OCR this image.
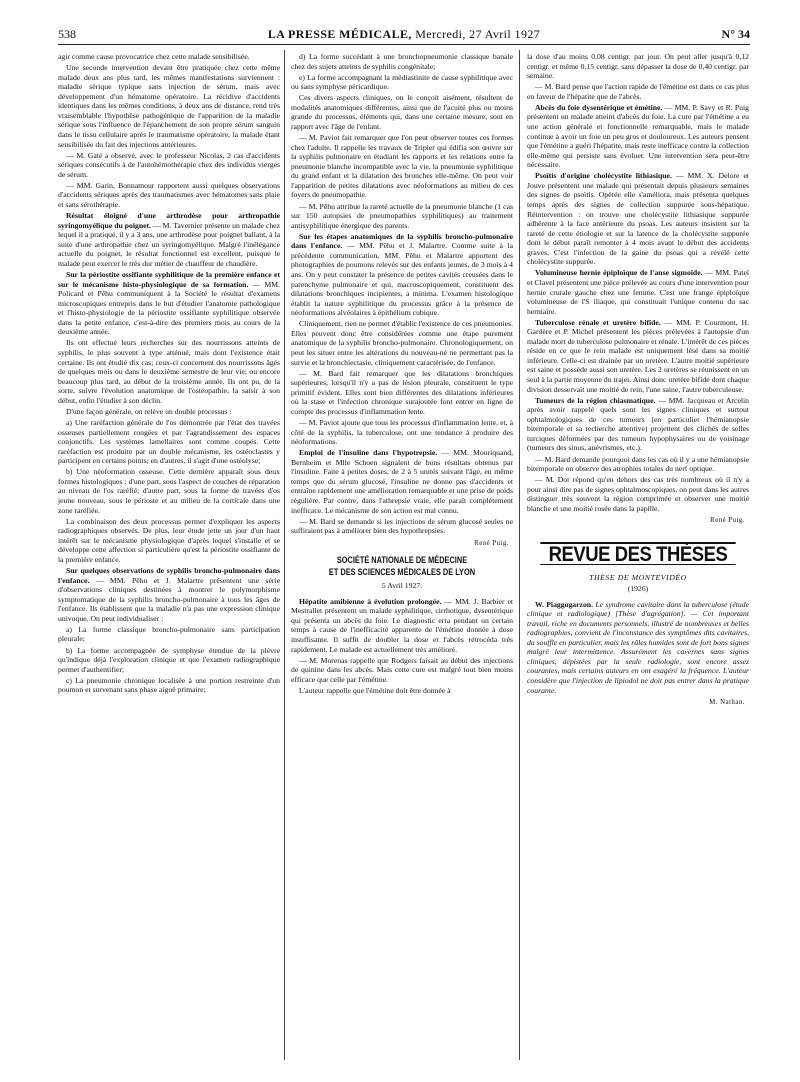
538	LA PRESSE MÉDICALE, Mercredi, 27 Avril 1927	N° 34

agir comme cause provocatrice chez cette malade sensibilisée.

Une seconde intervention devant être pratiquée chez cette même malade deux ans plus tard, les mêmes manifestations surviennent : maladie sérique typique sans injection de sérum, mais avec développement d'un hématome opératoire. La récidive d'accidents identiques dans les mêmes conditions, à deux ans de distance, rend très vraisemblable l'hypothèse pathogénique de l'apparition de la maladie sérique sous l'influence de l'épanchement de son propre sérum sanguin dans le tissu cellulaire après le traumatisme opératoire, la malade étant sensibilisée du fait des injections antérieures.

— M. Gaté a observé, avec le professeur Nicolas, 2 cas d'accidents sériques consécutifs à de l'autohémothérapie chez des individus vierges de sérum.

— MM. Garin, Bonnamour rapportent aussi quelques observations d'accidents sériques après des traumatismes avec hématomes sans plaie et sans sérothérapie.

Résultat éloigné d'une arthrodèse pour arthropathie syringomyélique du poignet. — M. Tavernier présente un malade chez lequel il a pratiqué, il y a 3 ans, une arthrodèse pour poignet ballant, à la suite d'une arthropathie chez un syringomyélique. Malgré l'inélégance actuelle du poignet, le résultat fonctionnel est excellent, puisque le malade peut exercer le très dur métier de chauffeur de chaudière.

Sur la périostite ossifiante syphilitique de la première enfance et sur le mécanisme histo-physiologique de sa formation. — MM. Policard et Pêhu communiquent à la Société le résultat d'examens microscopiques entrepris dans le but d'étudier l'anatomie pathologique et l'histo-physiologie de la périostite ossifiante syphilitique observée dans la petite enfance, c'est-à-dire des premiers mois au cours de la deuxième année.

Ils ont effectué leurs recherches sur des nourrissons atteints de syphilis, le plus souvent à type atténué, mais dont l'existence était certaine. Ils ont étudié dix cas; ceux-ci concernent des nourrissons âgés de quelques mois ou dans le deuxième semestre de leur vie; ou encore beaucoup plus tard, au début de la troisième année. Ils ont pu, de la sorte, suivre l'évolution anatomique de l'ostéopathie, la saisir à son début, enfin l'étudier à son déclin.

D'une façon générale, on relève un double processus :

a) Une raréfaction générale de l'os démontrée par l'état des travées osseuses partiellement rongées et par l'agrandissement des espaces conjonctifs. Les systèmes lamellaires sont comme coupés. Cette raréfaction est produite par un double mécanisme, les ostéoclastes y participent en certains points; en d'autres, il s'agit d'une ostéolyse;

b) Une néoformation osseuse. Cette dernière apparaît sous deux formes histologiques : d'une part, sous l'aspect de couches de réparation au niveau de l'os raréfié; d'autre part, sous la forme de travées d'os jeune nouveau, sous le périoste et au milieu de la corticale dans une zone raréfiée.

La combinaison des deux processus permet d'expliquer les aspects radiographiques observés. De plus, leur étude jette un jour d'un haut intérêt sur le mécanisme physiologique d'après lequel s'installe et se développe cette affection si particulière qu'est la périostite ossifiante de la première enfance.

Sur quelques observations de syphilis broncho-pulmonaire dans l'enfance. — MM. Pêhu et J. Malartre présentent une série d'observations cliniques destinées à montrer le polymorphisme symptomatique de la syphilis broncho-pulmonaire à tous les âges de l'enfance. Ils établissent que la maladie n'a pas une expression clinique univoque. On peut individualiser :

a) La forme classique broncho-pulmonaire sans participation pleurale;

b) La forme accompagnée de symphyse étendue de la plèvre qu'indique déjà l'exploration clinique et que l'examen radiographique permet d'authentifier;

c) La pneumonie chronique localisée à une portion restreinte d'un poumon et survenant sans phase aiguë primaire;

d) La forme succédant à une bronchopneumonie classique banale chez des sujets atteints de syphilis congénitale;

e) La forme accompagnant la médiastinite de cause syphilitique avec ou sans symphyse péricardique.

Ces divers aspects cliniques, on le conçoit aisément, résultent de modalités anatomiques différentes, ainsi que de l'acuité plus ou moins grande du processus, éléments qui, dans une certaine mesure, sont en rapport avec l'âge de l'enfant.

— M. Paviot fait remarquer que l'on peut observer toutes ces formes chez l'adulte. Il rappelle les travaux de Tripier qui édifia son œuvre sur la syphilis pulmonaire en étudiant les rapports et les relations entre la pneumonie blanche incompatible avec la vie, la pneumonie syphilitique du grand enfant et la dilatation des bronches elle-même. On peut voir l'apparition de petites dilatations avec néoformations au milieu de ces foyers de pneumopathie.

— M. Pêhu attribue la rareté actuelle de la pneumonie blanche (1 cas sur 150 autopsies de pneumopathies syphilitiques) au traitement antisyphilitique énergique des parents.

Sur les étapes anatomiques de la syphilis broncho-pulmonaire dans l'enfance. — MM. Pêhu et J. Malartre. Comme suite à la précédente communication, MM. Pêhu et Malartre apportent des photographies de poumons relevés sur des enfants jeunes, de 3 mois à 4 ans. On y peut constater la présence de petites cavités creusées dans le parenchyme pulmonaire et qui, macroscopiquement, constituent des dilatations bronchiques incipientes, a minima. L'examen histologique établit la nature syphilitique du processus grâce à la présence de néoformations alvéolaires à épithélium cubique.

Cliniquement, rien ne permet d'établir l'existence de ces pneumonies. Elles peuvent donc être considérées comme une étape purement anatomique de la syphilis broncho-pulmonaire. Chronologiquement, on peut les situer entre les altérations du nouveau-né ne permettant pas la survie et la bronchiectasie, cliniquement caractérisée, de l'enfance.

— M. Bard fait remarquer que les dilatations bronchiques supérieures, lorsqu'il n'y a pas de lésion pleurale, constituent le type primitif évident. Elles sont bien différentes des dilatations inférieures où la stase et l'infection chronique surajoutée font entrer en ligne de compte des processus d'inflammation lente.

— M. Paviot ajoute que tous les processus d'inflammation lente, et, à côté de la syphilis, la tuberculose, ont une tendance à produire des néoformations.

Emploi de l'insuline dans l'hypotrepsie. — MM. Mouriquand, Bernheim et Mlle Schoen signalent de bons résultats obtenus par l'insuline. Faite à petites doses, de 2 à 5 unités suivant l'âge, en même temps que du sérum glucosé, l'insuline ne donne pas d'accidents et entraîne rapidement une amélioration remarquable et une prise de poids régulière. Par contre, dans l'athrepsie vraie, elle paraît complètement inefficace. Le mécanisme de son action est mal connu.

— M. Bard se demande si les injections de sérum glucosé seules ne suffiraient pas à améliorer bien des hypothrepsies.

René Puig.
SOCIÉTÉ NATIONALE DE MÉDECINE
ET DES SCIENCES MÉDICALES DE LYON
5 Avril 1927.

Hépatite amibienne à évolution prolongée. — MM. J. Barbier et Mestrallet présentent un malade syphilitique, cirrhotique, dysentérique qui présenta un abcès du foie. Le diagnostic erra pendant un certain temps à cause de l'inefficacité apparente de l'émétine donnée à dose insuffisante. Il suffit de doubler la dose et l'abcès rétrocéda très rapidement. Le malade est actuellement très amélioré.

— M. Morenas rappelle que Rodgers faisait au début des injections de quinine dans les abcès. Mais cette cure est malgré tout bien moins efficace que celle par l'émétine.

L'auteur rappelle que l'émétine doit être donnée à

la dose d'au moins 0,08 centigr. par jour. On peut aller jusqu'à 0,12 centigr. et même 0,15 centigr. sans dépasser la dose de 0,40 centigr. par semaine.

— M. Bard pense que l'action rapide de l'émétine est dans ce cas plus en faveur de l'hépatite que de l'abcès.

Abcès du foie dysentérique et émétine. — MM. P. Savy et R. Puig présentent un malade atteint d'abcès du foie. La cure par l'émétine a eu une action générale et fonctionnelle remarquable, mais le malade continue à avoir un foie un peu gros et douloureux. Les auteurs pensent que l'émétine a guéri l'hépatite, mais reste inefficace contre la collection elle-même qui persiste sans évoluer. Une intervention sera peut-être nécessaire.

Psoïtis d'origine cholécystite lithiasique. — MM. X. Delore et Jouve présentent une malade qui présentait depuis plusieurs semaines des signes de psoïtis. Opérée elle s'améliora, mais présenta quelques temps après des signes de collection suppurée sous-hépatique. Réintervention : on trouve une cholécystite lithiasique suppurée adhérente à la face antérieure du psoas. Les auteurs insistent sur la rareté de cette étiologie et sur la latence de la cholécystite suppurée dont le début paraît remonter à 4 mois avant le début des accidents graves. C'est l'infection de la gaine du psoas qui a révélé cette cholécystite suppurée.

Volumineuse hernie épiploïque de l'anse sigmoïde. — MM. Patel et Clavel présentent une pièce prélevée au cours d'une intervention pour hernie crurale gauche chez une femme. C'est une frange épiploïque volumineuse de l'S iliaque, qui constituait l'unique contenu du sac herniaire.

Tuberculose rénale et uretère bifide. — MM. P. Courmont, H. Gardère et P. Michel présentent les pièces prélevées à l'autopsie d'un malade mort de tuberculose pulmonaire et rénale. L'intérêt de ces pièces réside en ce que le rein malade est uniquement lésé dans sa moitié inférieure. Celle-ci est drainée par un uretère. L'autre moitié supérieure est saine et possède aussi son uretère. Les 2 uretères se réunissent en un seul à la partie moyenne du trajet. Ainsi donc uretère bifide dont chaque division desservait une moitié de rein, l'une saine, l'autre tuberculeuse.

Tumeurs de la région chiasmatique. — MM. Jacqueau et Arcelin après avoir rappelé quels sont les signes cliniques et surtout ophtalmologiques de ces tumeurs (en particulier l'hémianopsie bitemporale et sa recherche attentive) projettent des clichés de selles turciques déformées par des tumeurs hypophysaires ou de voisinage (tumeurs des sinus, anévrismes, etc.).

— M. Bard demande pourquoi dans les cas où il y a une hémianopsie bitemporale on observe des atrophies totales du nerf optique.

— M. Dor répond qu'en dehors des cas très nombreux où il n'y a pour ainsi dire pas de signes ophtalmoscopiques, on peut dans les autres distinguer très souvent la région comprimée et observer une moitié blanche et une moitié rosée dans la papille.

René Puig.
REVUE DES THÈSES
THÈSE DE MONTEVIDÉO
(1926)

W. Piaggogarzon. Le syndrome cavitaire dans la tuberculose (étude clinique et radiologique) [Thèse d'agrégation]. — Cet important travail, riche en documents personnels, illustré de nombreuses et belles radiographies, convient de l'inconstance des symptômes dits cavitaires, du souffle en particulier, mais les râles humides sont de fort bons signes malgré leur intermittence. Assurément les cavernes sans signes cliniques, dépistées par la seule radiologie, sont encore assez courantes, mais certains auteurs en ont exagéré la fréquence. L'auteur considère que l'injection de lipiodol ne doit pas entrer dans la pratique courante.

M. Nathan.
